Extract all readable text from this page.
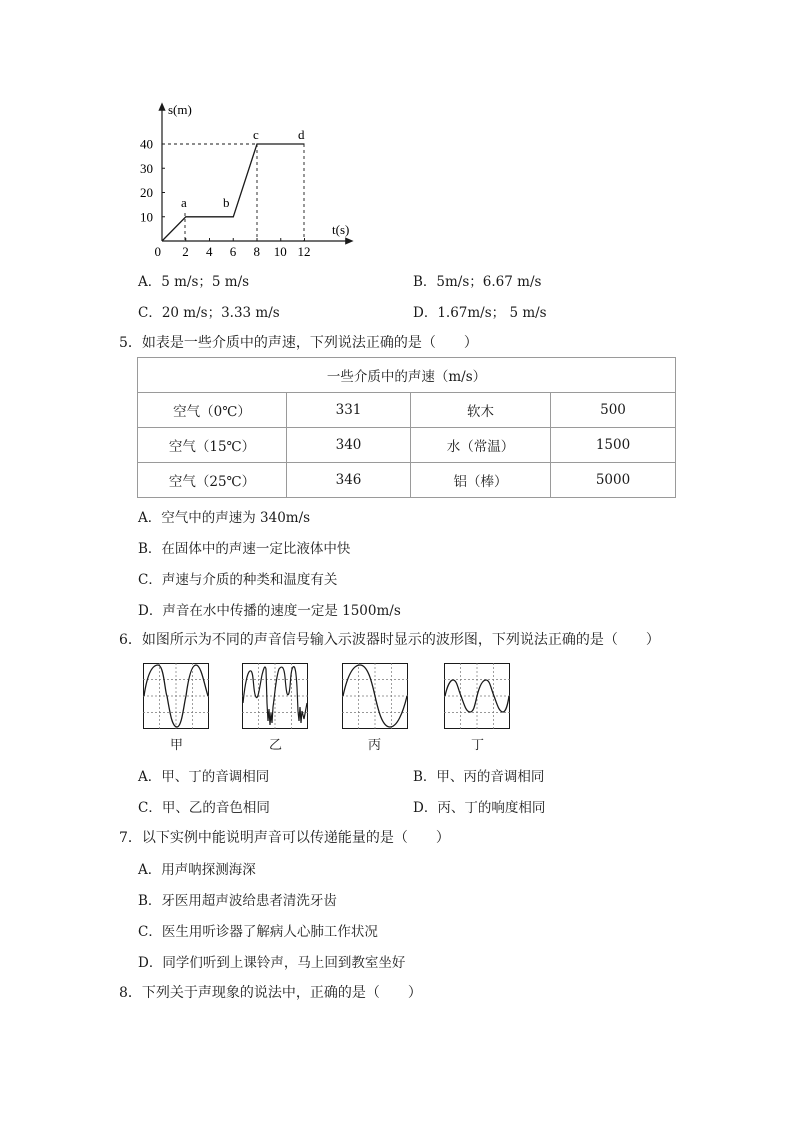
s(m)
t(s)
40
30
20
10
0 2 4 6 8 10 12
a	b
c	d
A．5 m/s；5 m/s	B．5m/s；6.67 m/s
C．20 m/s；3.33 m/s	D．1.67m/s； 5 m/s
5．如表是一些介质中的声速，下列说法正确的是（　　）
一些介质中的声速（m/s）			
空气（0℃）	331	软木	500
空气（15℃）	340	水（常温）	1500
空气（25℃）	346	铝（棒）	5000
A．空气中的声速为 340m/s
B．在固体中的声速一定比液体中快
C．声速与介质的种类和温度有关
D．声音在水中传播的速度一定是 1500m/s
6．如图所示为不同的声音信号输入示波器时显示的波形图，下列说法正确的是（　　）
甲	乙	丙	丁
A．甲、丁的音调相同	B．甲、丙的音调相同
C．甲、乙的音色相同	D．丙、丁的响度相同
7．以下实例中能说明声音可以传递能量的是（　　）
A．用声呐探测海深
B．牙医用超声波给患者清洗牙齿
C．医生用听诊器了解病人心肺工作状况
D．同学们听到上课铃声，马上回到教室坐好
8．下列关于声现象的说法中，正确的是（　　）
